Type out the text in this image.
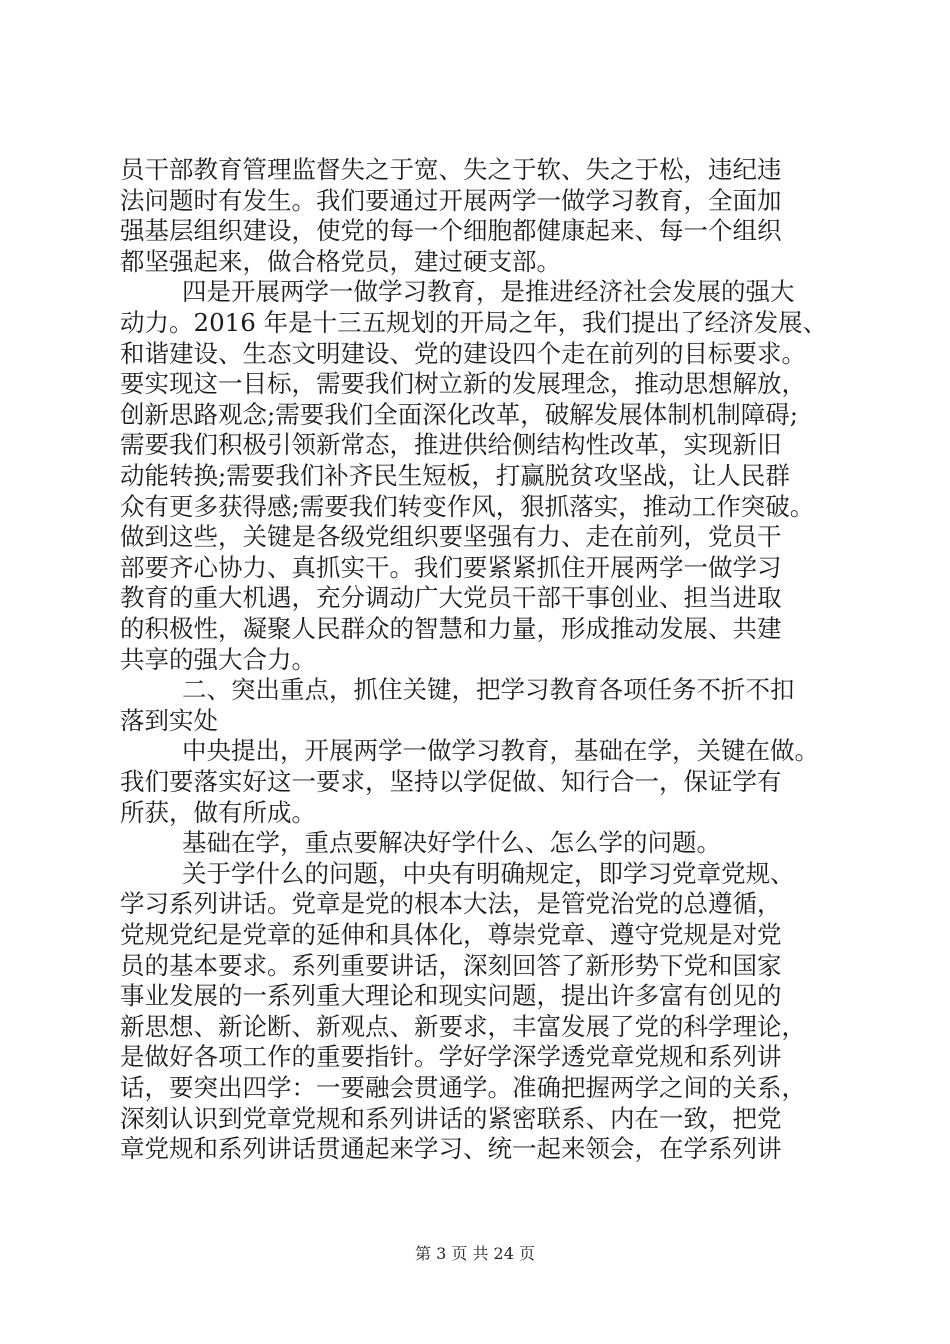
员干部教育管理监督失之于宽、失之于软、失之于松，违纪违
法问题时有发生。我们要通过开展两学一做学习教育，全面加
强基层组织建设，使党的每一个细胞都健康起来、每一个组织
都坚强起来，做合格党员，建过硬支部。
四是开展两学一做学习教育，是推进经济社会发展的强大
动力。2016 年是十三五规划的开局之年，我们提出了经济发展、
和谐建设、生态文明建设、党的建设四个走在前列的目标要求。
要实现这一目标，需要我们树立新的发展理念，推动思想解放，
创新思路观念;需要我们全面深化改革，破解发展体制机制障碍;
需要我们积极引领新常态，推进供给侧结构性改革，实现新旧
动能转换;需要我们补齐民生短板，打赢脱贫攻坚战，让人民群
众有更多获得感;需要我们转变作风，狠抓落实，推动工作突破。
做到这些，关键是各级党组织要坚强有力、走在前列，党员干
部要齐心协力、真抓实干。我们要紧紧抓住开展两学一做学习
教育的重大机遇，充分调动广大党员干部干事创业、担当进取
的积极性，凝聚人民群众的智慧和力量，形成推动发展、共建
共享的强大合力。
二、突出重点，抓住关键，把学习教育各项任务不折不扣
落到实处
中央提出，开展两学一做学习教育，基础在学，关键在做。
我们要落实好这一要求，坚持以学促做、知行合一，保证学有
所获，做有所成。
基础在学，重点要解决好学什么、怎么学的问题。
关于学什么的问题，中央有明确规定，即学习党章党规、
学习系列讲话。党章是党的根本大法，是管党治党的总遵循，
党规党纪是党章的延伸和具体化，尊崇党章、遵守党规是对党
员的基本要求。系列重要讲话，深刻回答了新形势下党和国家
事业发展的一系列重大理论和现实问题，提出许多富有创见的
新思想、新论断、新观点、新要求，丰富发展了党的科学理论，
是做好各项工作的重要指针。学好学深学透党章党规和系列讲
话，要突出四学：一要融会贯通学。准确把握两学之间的关系，
深刻认识到党章党规和系列讲话的紧密联系、内在一致，把党
章党规和系列讲话贯通起来学习、统一起来领会，在学系列讲
第 3 页 共 24 页
